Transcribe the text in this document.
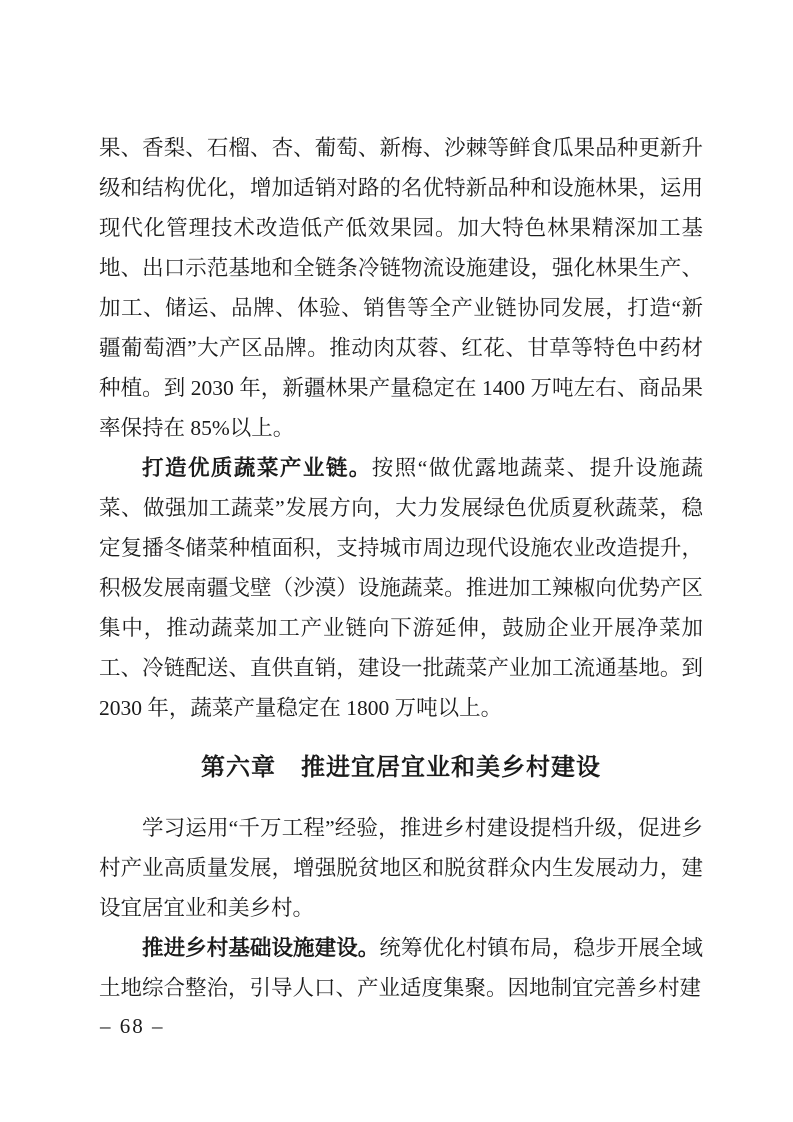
果、香梨、石榴、杏、葡萄、新梅、沙棘等鲜食瓜果品种更新升级和结构优化，增加适销对路的名优特新品种和设施林果，运用现代化管理技术改造低产低效果园。加大特色林果精深加工基地、出口示范基地和全链条冷链物流设施建设，强化林果生产、加工、储运、品牌、体验、销售等全产业链协同发展，打造“新疆葡萄酒”大产区品牌。推动肉苁蓉、红花、甘草等特色中药材种植。到 2030 年，新疆林果产量稳定在 1400 万吨左右、商品果率保持在 85%以上。

打造优质蔬菜产业链。按照“做优露地蔬菜、提升设施蔬菜、做强加工蔬菜”发展方向，大力发展绿色优质夏秋蔬菜，稳定复播冬储菜种植面积，支持城市周边现代设施农业改造提升，积极发展南疆戈壁（沙漠）设施蔬菜。推进加工辣椒向优势产区集中，推动蔬菜加工产业链向下游延伸，鼓励企业开展净菜加工、冷链配送、直供直销，建设一批蔬菜产业加工流通基地。到 2030 年，蔬菜产量稳定在 1800 万吨以上。

第六章　推进宜居宜业和美乡村建设

学习运用“千万工程”经验，推进乡村建设提档升级，促进乡村产业高质量发展，增强脱贫地区和脱贫群众内生发展动力，建设宜居宜业和美乡村。

推进乡村基础设施建设。统筹优化村镇布局，稳步开展全域土地综合整治，引导人口、产业适度集聚。因地制宜完善乡村建

– 68 –
